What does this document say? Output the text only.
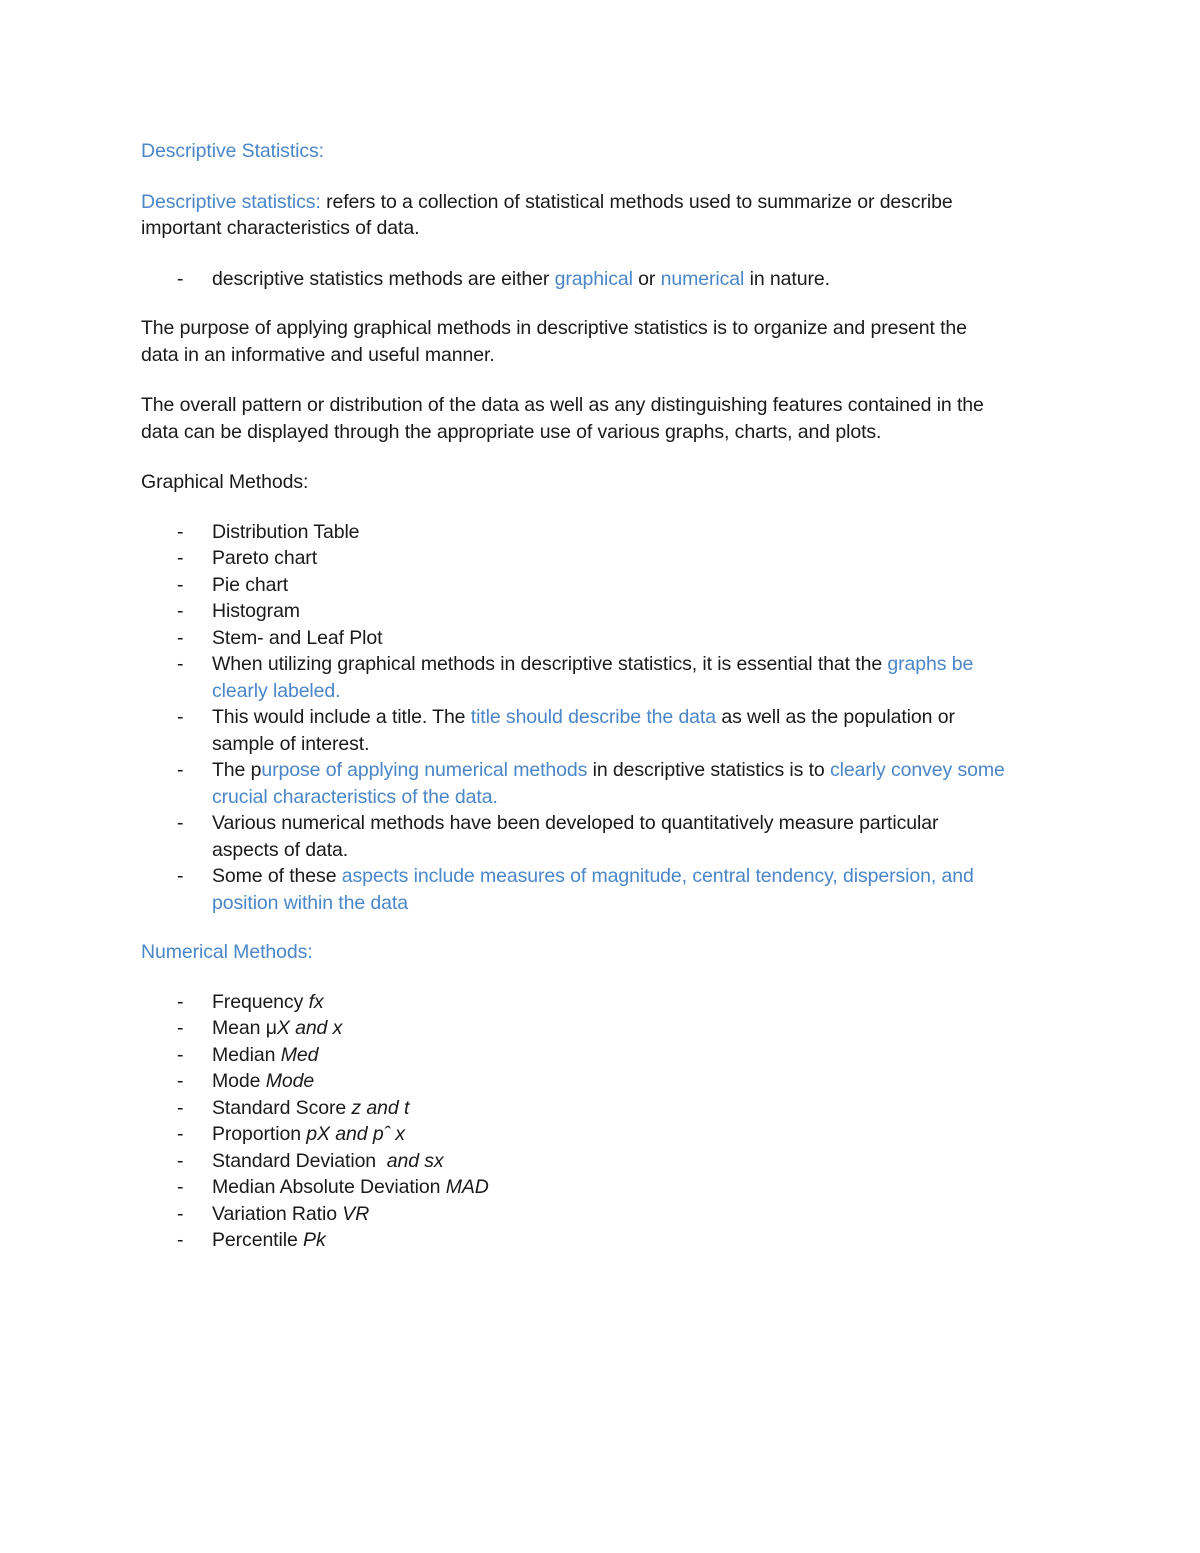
Descriptive Statistics:
Descriptive statistics: refers to a collection of statistical methods used to summarize or describe
important characteristics of data.
- descriptive statistics methods are either graphical or numerical in nature.
The purpose of applying graphical methods in descriptive statistics is to organize and present the
data in an informative and useful manner.
The overall pattern or distribution of the data as well as any distinguishing features contained in the
data can be displayed through the appropriate use of various graphs, charts, and plots.
Graphical Methods:
- Distribution Table
- Pareto chart
- Pie chart
- Histogram
- Stem- and Leaf Plot
- When utilizing graphical methods in descriptive statistics, it is essential that the graphs be
clearly labeled.
- This would include a title. The title should describe the data as well as the population or
sample of interest.
- The purpose of applying numerical methods in descriptive statistics is to clearly convey some
crucial characteristics of the data.
- Various numerical methods have been developed to quantitatively measure particular
aspects of data.
- Some of these aspects include measures of magnitude, central tendency, dispersion, and
position within the data
Numerical Methods:
- Frequency fx
- Mean μX and x
- Median Med
- Mode Mode
- Standard Score z and t
- Proportion pX and pˆ x
- Standard Deviation  and sx
- Median Absolute Deviation MAD
- Variation Ratio VR
- Percentile Pk
